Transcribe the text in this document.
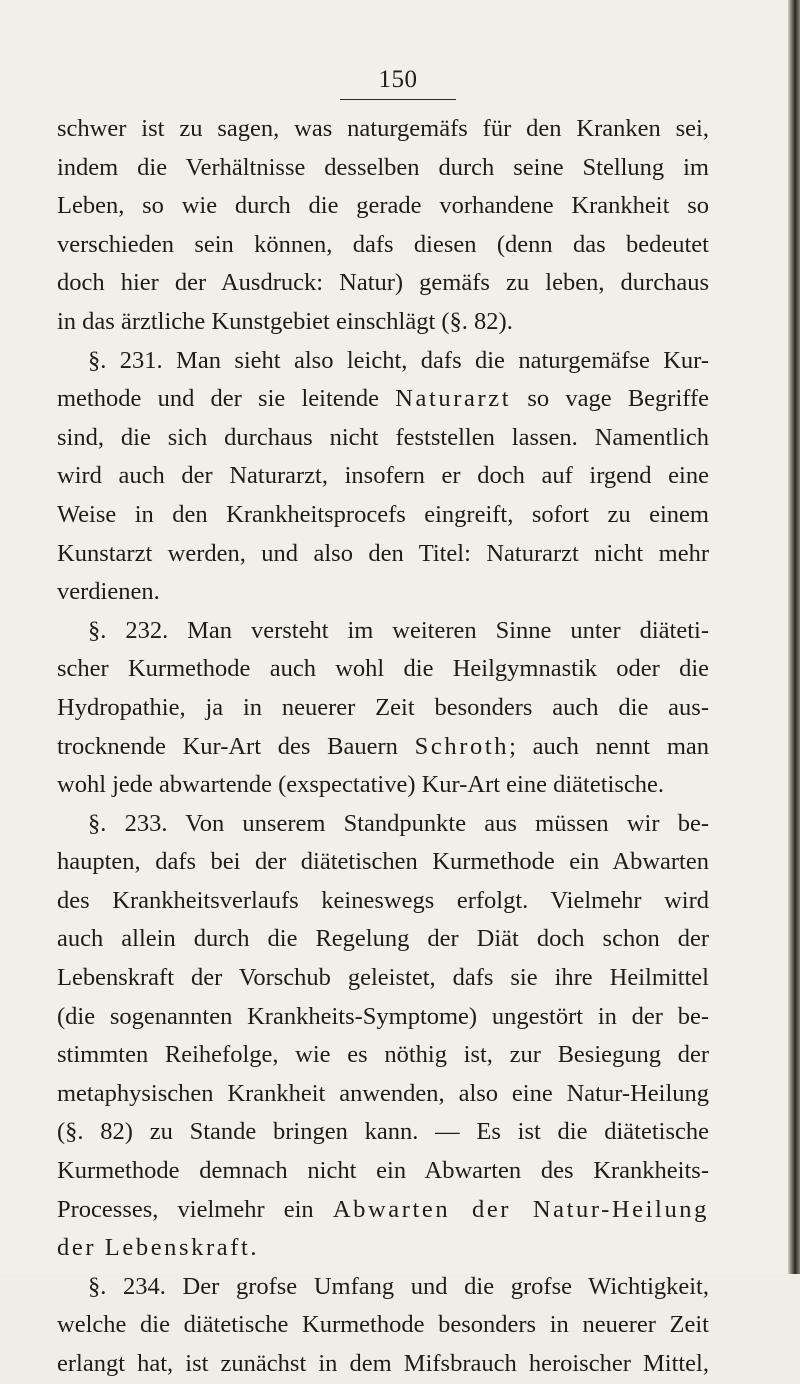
150
schwer ist zu sagen, was naturgemäfs für den Kranken sei,
indem die Verhältnisse desselben durch seine Stellung im
Leben, so wie durch die gerade vorhandene Krankheit so
verschieden sein können, dafs diesen (denn das bedeutet
doch hier der Ausdruck: Natur) gemäfs zu leben, durchaus
in das ärztliche Kunstgebiet einschlägt (§. 82).
§. 231. Man sieht also leicht, dafs die naturgemäfse Kur-
methode und der sie leitende Naturarzt so vage Begriffe
sind, die sich durchaus nicht feststellen lassen. Namentlich
wird auch der Naturarzt, insofern er doch auf irgend eine
Weise in den Krankheitsprocefs eingreift, sofort zu einem
Kunstarzt werden, und also den Titel: Naturarzt nicht mehr
verdienen.
§. 232. Man versteht im weiteren Sinne unter diäteti-
scher Kurmethode auch wohl die Heilgymnastik oder die
Hydropathie, ja in neuerer Zeit besonders auch die aus-
trocknende Kur-Art des Bauern Schroth; auch nennt man
wohl jede abwartende (exspectative) Kur-Art eine diätetische.
§. 233. Von unserem Standpunkte aus müssen wir be-
haupten, dafs bei der diätetischen Kurmethode ein Abwarten
des Krankheitsverlaufs keineswegs erfolgt. Vielmehr wird
auch allein durch die Regelung der Diät doch schon der
Lebenskraft der Vorschub geleistet, dafs sie ihre Heilmittel
(die sogenannten Krankheits-Symptome) ungestört in der be-
stimmten Reihefolge, wie es nöthig ist, zur Besiegung der
metaphysischen Krankheit anwenden, also eine Natur-Heilung
(§. 82) zu Stande bringen kann. — Es ist die diätetische
Kurmethode demnach nicht ein Abwarten des Krankheits-
Processes, vielmehr ein Abwarten der Natur-Heilung
der Lebenskraft.
§. 234. Der grofse Umfang und die grofse Wichtigkeit,
welche die diätetische Kurmethode besonders in neuerer Zeit
erlangt hat, ist zunächst in dem Mifsbrauch heroischer Mittel,
